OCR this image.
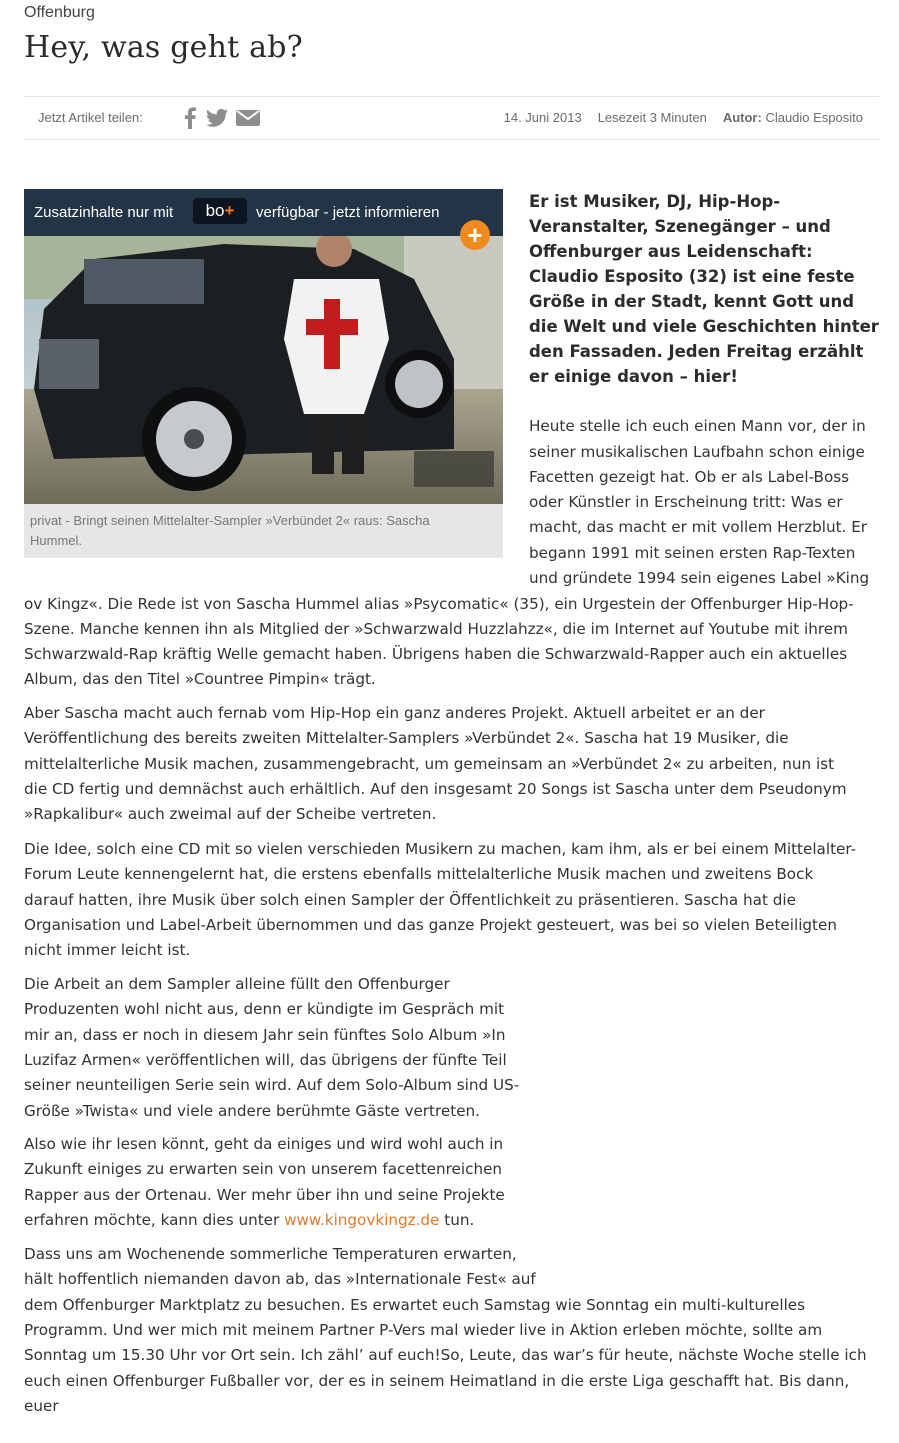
Offenburg
Hey, was geht ab?
Jetzt Artikel teilen:	14. Juni 2013 Lesezeit 3 Minuten Autor: Claudio Esposito
Zusatzinhalte nur mit	bo+	verfügbar - jetzt informieren
+
privat - Bringt seinen Mittelalter-Sampler »Verbündet 2« raus: Sascha
Hummel.

Er ist Musiker, DJ, Hip-Hop-Veranstalter, Szenegänger – und Offenburger aus Leidenschaft: Claudio Esposito (32) ist eine feste Größe in der Stadt, kennt Gott und die Welt und viele Geschichten hinter den Fassaden. Jeden Freitag erzählt er einige davon – hier!

Heute stelle ich euch einen Mann vor, der in
seiner musikalischen Laufbahn schon einige
Facetten gezeigt hat. Ob er als Label-Boss
oder Künstler in Erscheinung tritt: Was er
macht, das macht er mit vollem Herzblut. Er
begann 1991 mit seinen ersten Rap-Texten
und gründete 1994 sein eigenes Label »King
ov Kingz«. Die Rede ist von Sascha Hummel alias »Psycomatic« (35), ein Urgestein der Offenburger Hip-Hop-
Szene. Manche kennen ihn als Mitglied der »Schwarzwald Huzzlahzz«, die im Internet auf Youtube mit ihrem
Schwarzwald-Rap kräftig Welle gemacht haben. Übrigens haben die Schwarzwald-Rapper auch ein aktuelles
Album, das den Titel »Countree Pimpin« trägt.
Aber Sascha macht auch fernab vom Hip-Hop ein ganz anderes Projekt. Aktuell arbeitet er an der
Veröffentlichung des bereits zweiten Mittelalter-Samplers »Verbündet 2«. Sascha hat 19 Musiker, die
mittelalterliche Musik machen, zusammengebracht, um gemeinsam an »Verbündet 2« zu arbeiten, nun ist
die CD fertig und demnächst auch erhältlich. Auf den insgesamt 20 Songs ist Sascha unter dem Pseudonym
»Rapkalibur« auch zweimal auf der Scheibe vertreten.
Die Idee, solch eine CD mit so vielen verschieden Musikern zu machen, kam ihm, als er bei einem Mittelalter-
Forum Leute kennengelernt hat, die erstens ebenfalls mittelalterliche Musik machen und zweitens Bock
darauf hatten, ihre Musik über solch einen Sampler der Öffentlichkeit zu präsentieren. Sascha hat die
Organisation und Label-Arbeit übernommen und das ganze Projekt gesteuert, was bei so vielen Beteiligten
nicht immer leicht ist.
Die Arbeit an dem Sampler alleine füllt den Offenburger
Produzenten wohl nicht aus, denn er kündigte im Gespräch mit
mir an, dass er noch in diesem Jahr sein fünftes Solo Album »In
Luzifaz Armen« veröffentlichen will, das übrigens der fünfte Teil
seiner neunteiligen Serie sein wird. Auf dem Solo-Album sind US-
Größe »Twista« und viele andere berühmte Gäste vertreten.
Also wie ihr lesen könnt, geht da einiges und wird wohl auch in
Zukunft einiges zu erwarten sein von unserem facettenreichen
Rapper aus der Ortenau. Wer mehr über ihn und seine Projekte
erfahren möchte, kann dies unter www.kingovkingz.de tun.
Dass uns am Wochenende sommerliche Temperaturen erwarten,
hält hoffentlich niemanden davon ab, das »Internationale Fest« auf
dem Offenburger Marktplatz zu besuchen. Es erwartet euch Samstag wie Sonntag ein multi-kulturelles
Programm. Und wer mich mit meinem Partner P-Vers mal wieder live in Aktion erleben möchte, sollte am
Sonntag um 15.30 Uhr vor Ort sein. Ich zähl’ auf euch!So, Leute, das war’s für heute, nächste Woche stelle ich
euch einen Offenburger Fußballer vor, der es in seinem Heimatland in die erste Liga geschafft hat. Bis dann,
euer
